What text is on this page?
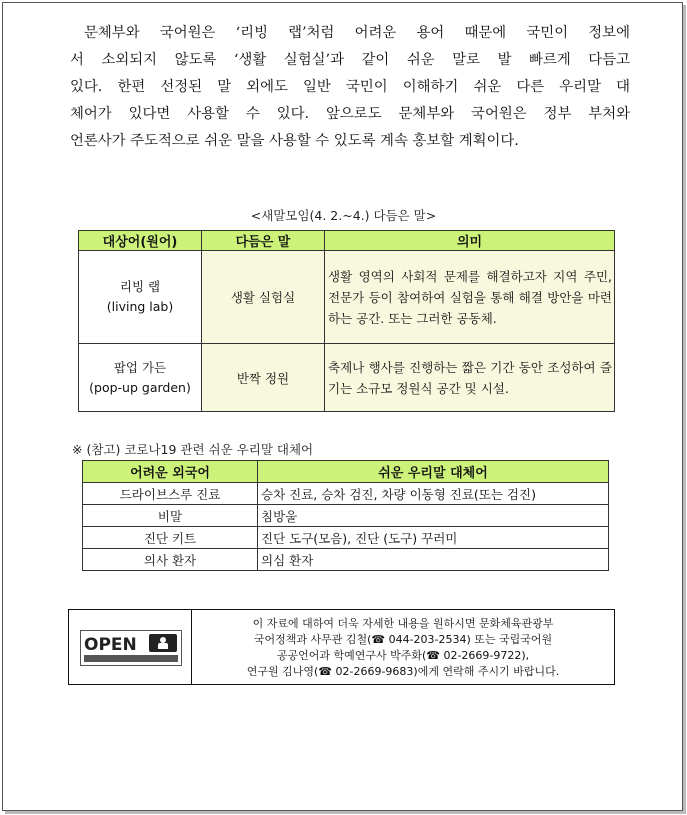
문체부와 국어원은 ‘리빙 랩’처럼 어려운 용어 때문에 국민이 정보에
서 소외되지 않도록 ‘생활 실험실’과 같이 쉬운 말로 발 빠르게 다듬고
있다. 한편 선정된 말 외에도 일반 국민이 이해하기 쉬운 다른 우리말 대
체어가 있다면 사용할 수 있다. 앞으로도 문체부와 국어원은 정부 부처와
언론사가 주도적으로 쉬운 말을 사용할 수 있도록 계속 홍보할 계획이다.
<새말모임(4. 2.~4.) 다듬은 말>
대상어(원어)	다듬은 말	의미

리빙 랩
(living lab)	생활 실험실	생활 영역의 사회적 문제를 해결하고자 지역 주민, 전문가 등이 참여하여 실험을 통해 해결 방안을 마련하는 공간. 또는 그러한 공동체.

팝업 가든
(pop-up garden)	반짝 정원	축제나 행사를 진행하는 짧은 기간 동안 조성하여 즐기는 소규모 정원식 공간 및 시설.
※ (참고) 코로나19 관련 쉬운 우리말 대체어
어려운 외국어	쉬운 우리말 대체어
드라이브스루 진료	승차 진료, 승차 검진, 차량 이동형 진료(또는 검진)
비말	침방울
진단 키트	진단 도구(모음), 진단 (도구) 꾸러미
의사 환자	의심 환자
OPEN
이 자료에 대하여 더욱 자세한 내용을 원하시면 문화체육관광부
국어정책과 사무관 김철(☎ 044-203-2534) 또는 국립국어원
공공언어과 학예연구사 박주화(☎ 02-2669-9722),
연구원 김나영(☎ 02-2669-9683)에게 연락해 주시기 바랍니다.
